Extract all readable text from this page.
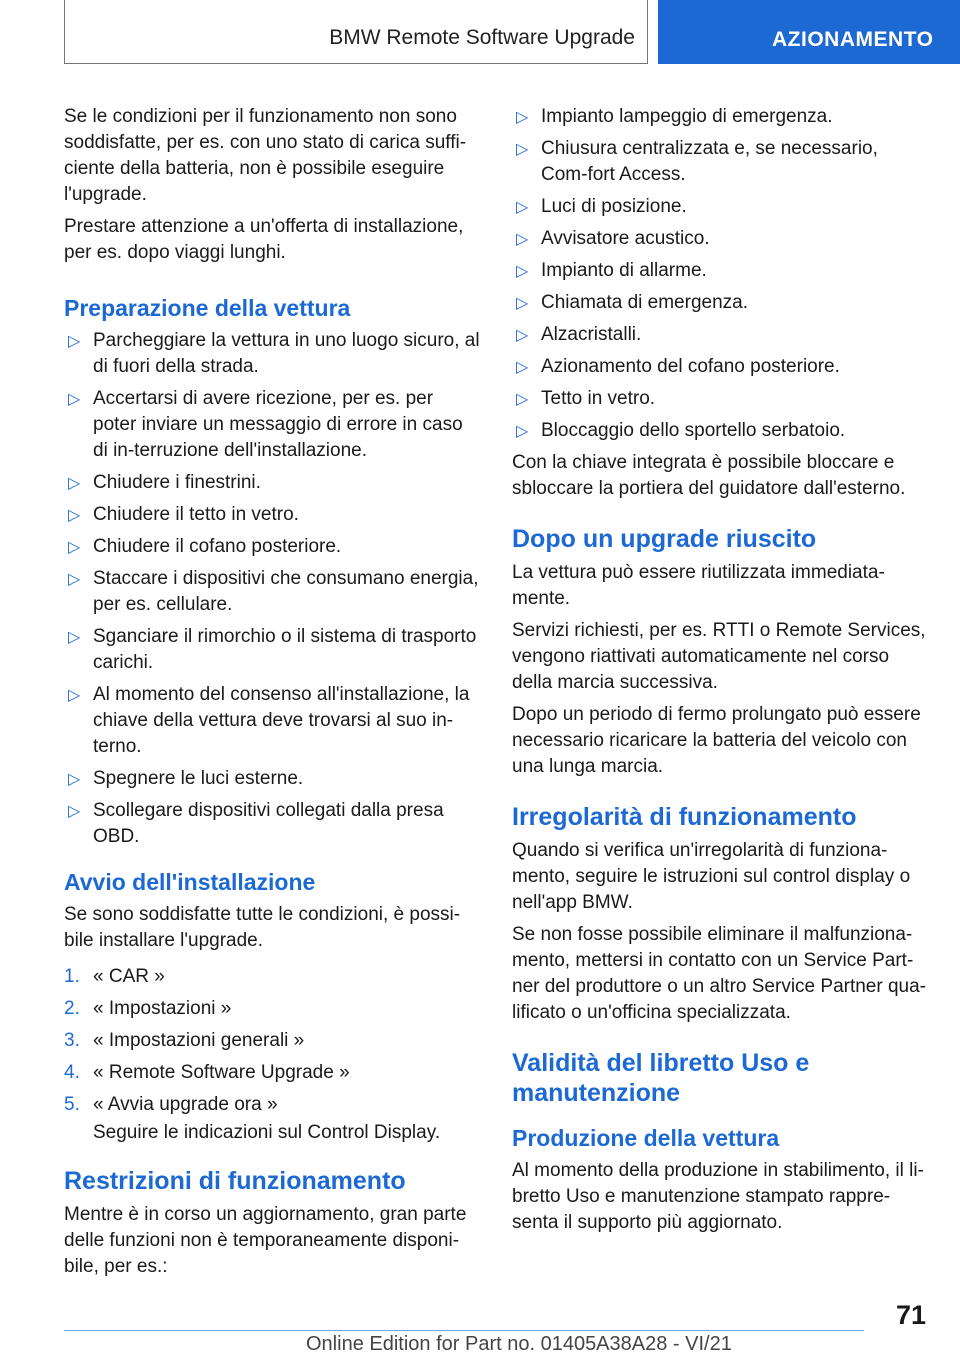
BMW Remote Software Upgrade	AZIONAMENTO

Se le condizioni per il funzionamento non sono soddisfatte, per es. con uno stato di carica suffi-ciente della batteria, non è possibile eseguire l'upgrade.

Prestare attenzione a un'offerta di installazione, per es. dopo viaggi lunghi.

Preparazione della vettura
▷ Parcheggiare la vettura in uno luogo sicuro, al di fuori della strada.
▷ Accertarsi di avere ricezione, per es. per poter inviare un messaggio di errore in caso di in-terruzione dell'installazione.
▷ Chiudere i finestrini.
▷ Chiudere il tetto in vetro.
▷ Chiudere il cofano posteriore.
▷ Staccare i dispositivi che consumano energia, per es. cellulare.
▷ Sganciare il rimorchio o il sistema di trasporto carichi.
▷ Al momento del consenso all'installazione, la chiave della vettura deve trovarsi al suo in-terno.
▷ Spegnere le luci esterne.
▷ Scollegare dispositivi collegati dalla presa OBD.
Avvio dell'installazione

Se sono soddisfatte tutte le condizioni, è possi-bile installare l'upgrade.

1. « CAR »
2. « Impostazioni »
3. « Impostazioni generali »
4. « Remote Software Upgrade »
5. « Avvia upgrade ora »

Seguire le indicazioni sul Control Display.

Restrizioni di funzionamento

Mentre è in corso un aggiornamento, gran parte delle funzioni non è temporaneamente disponi-bile, per es.:

▷ Impianto lampeggio di emergenza.
▷ Chiusura centralizzata e, se necessario, Com-fort Access.
▷ Luci di posizione.
▷ Avvisatore acustico.
▷ Impianto di allarme.
▷ Chiamata di emergenza.
▷ Alzacristalli.
▷ Azionamento del cofano posteriore.
▷ Tetto in vetro.
▷ Bloccaggio dello sportello serbatoio.

Con la chiave integrata è possibile bloccare e sbloccare la portiera del guidatore dall'esterno.

Dopo un upgrade riuscito

La vettura può essere riutilizzata immediata-mente.

Servizi richiesti, per es. RTTI o Remote Services, vengono riattivati automaticamente nel corso della marcia successiva.

Dopo un periodo di fermo prolungato può essere necessario ricaricare la batteria del veicolo con una lunga marcia.

Irregolarità di funzionamento

Quando si verifica un'irregolarità di funziona-mento, seguire le istruzioni sul control display o nell'app BMW.

Se non fosse possibile eliminare il malfunziona-mento, mettersi in contatto con un Service Part-ner del produttore o un altro Service Partner qua-lificato o un'officina specializzata.

Validità del libretto Uso e manutenzione
Produzione della vettura

Al momento della produzione in stabilimento, il li-bretto Uso e manutenzione stampato rappre-senta il supporto più aggiornato.

71
Online Edition for Part no. 01405A38A28 - VI/21
